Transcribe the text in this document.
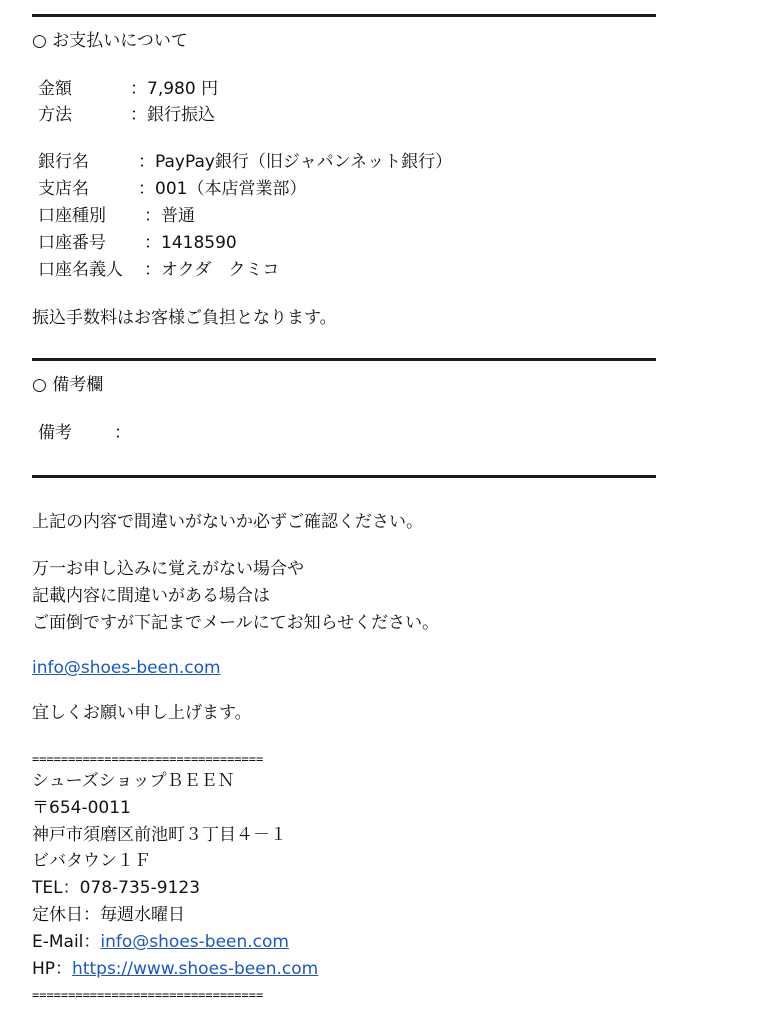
○ お支払いについて
金額	：7,980 円
方法	：銀行振込
銀行名	：PayPay銀行（旧ジャパンネット銀行）
支店名	：001（本店営業部）
口座種別 ：普通
口座番号 ：1418590
口座名義人 ：オクダ　クミコ
振込手数料はお客様ご負担となります。
○ 備考欄
備考 ：
上記の内容で間違いがないか必ずご確認ください。
万一お申し込みに覚えがない場合や
記載内容に間違いがある場合は
ご面倒ですが下記までメールにてお知らせください。
info@shoes-been.com
宜しくお願い申し上げます。
================================
シューズショップＢＥＥＮ
〒654-0011
神戸市須磨区前池町３丁目４－１
ビバタウン１Ｆ
TEL：078-735-9123
定休日：毎週水曜日
E-Mail：info@shoes-been.com
HP：https://www.shoes-been.com
================================
